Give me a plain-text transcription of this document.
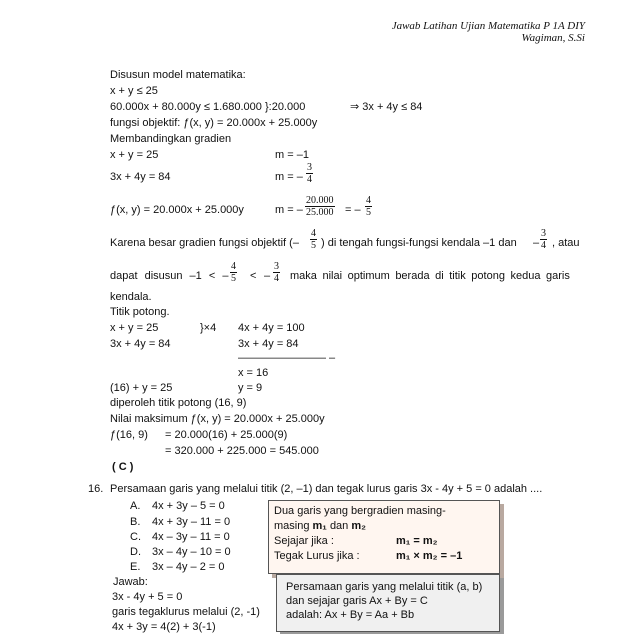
Jawab Latihan Ujian Matematika P 1A DIY
Wagiman, S.Si
Disusun model matematika:
x + y ≤ 25
60.000x + 80.000y ≤ 1.680.000 }:20.000	⇒ 3x + 4y ≤ 84
fungsi objektif: ƒ(x, y) = 20.000x + 25.000y
Membandingkan gradien
x + y = 25	m = –1
3x + 4y = 84	m = – $\frac{3}{4}$
ƒ(x, y) = 20.000x + 25.000y	m = – $\frac{20.000}{25.000}$ = – $\frac{4}{5}$
Karena besar gradien fungsi objektif (– $\frac{4}{5}$ ) di tengah fungsi-fungsi kendala –1 dan – $\frac{3}{4}$ , atau
dapat disusun –1 < – $\frac{4}{5}$ < – $\frac{3}{4}$ maka nilai optimum berada di titik potong kedua garis
kendala.
Titik potong.
x + y = 25	}×4 4x + 4y = 100
3x + 4y = 84	3x + 4y = 84
———————— –
x = 16
(16) + y = 25	y = 9
diperoleh titik potong (16, 9)
Nilai maksimum ƒ(x, y) = 20.000x + 25.000y
ƒ(16, 9) = 20.000(16) + 25.000(9)
= 320.000 + 225.000 = 545.000
( C )
16. Persamaan garis yang melalui titik (2, –1) dan tegak lurus garis 3x - 4y + 5 = 0 adalah ....
A. 4x + 3y – 5 = 0
B. 4x + 3y – 11 = 0
C. 4x – 3y – 11 = 0
D. 3x – 4y – 10 = 0
E. 3x – 4y – 2 = 0
Jawab:
3x - 4y + 5 = 0
garis tegaklurus melalui (2, -1)
4x + 3y = 4(2) + 3(-1)
Dua garis yang bergradien masing-
masing m₁ dan m₂
Sejajar jika :	m₁ = m₂
Tegak Lurus jika :	m₁ × m₂ = –1
Persamaan garis yang melalui titik (a, b)
dan sejajar garis Ax + By = C
adalah: Ax + By = Aa + Bb
